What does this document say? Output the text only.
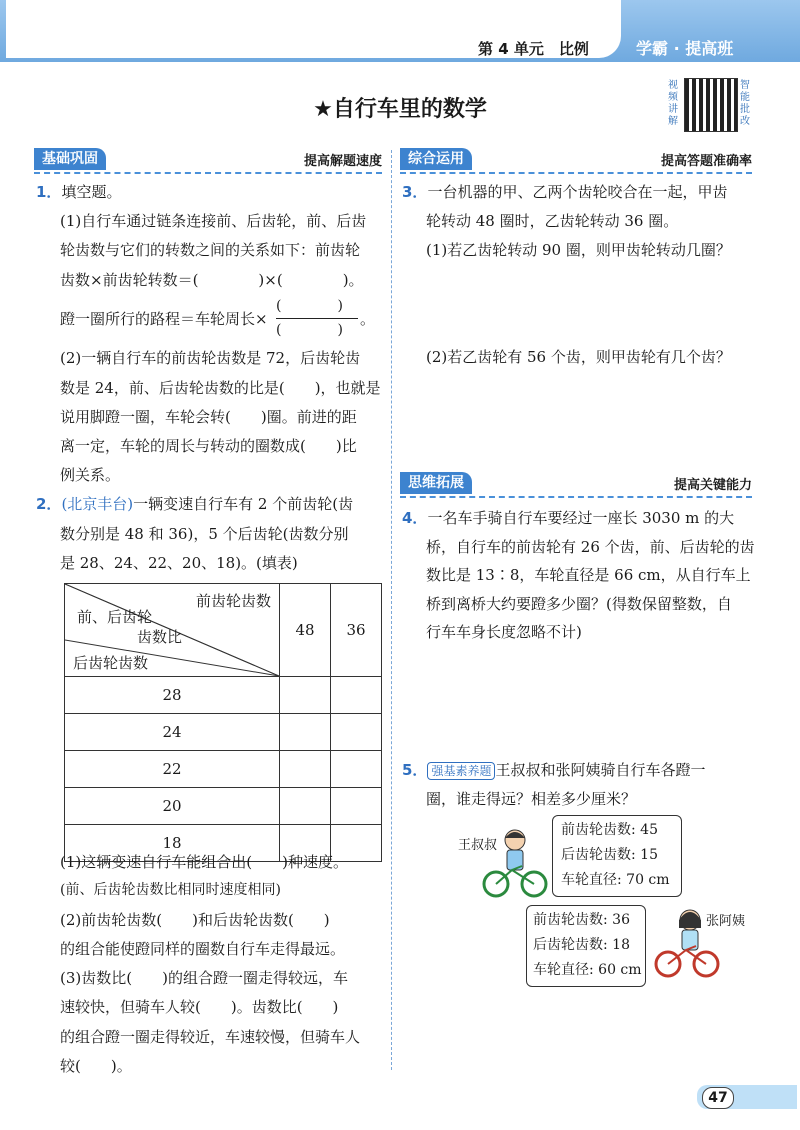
第 4 单元　比例	学霸 · 提高班
★自行车里的数学
视频讲解
智能批改
基础巩固	提高解题速度
1．填空题。
(1)自行车通过链条连接前、后齿轮，前、后齿
轮齿数与它们的转数之间的关系如下：前齿轮
齿数×前齿轮转数＝(　　　　)×(　　　　)。
蹬一圈所行的路程＝车轮周长×
(　　　　)
(　　　　)
。
(2)一辆自行车的前齿轮齿数是 72，后齿轮齿
数是 24，前、后齿轮齿数的比是(　　)，也就是
说用脚蹬一圈，车轮会转(　　)圈。前进的距
离一定，车轮的周长与转动的圈数成(　　)比
例关系。
2．(北京丰台)一辆变速自行车有 2 个前齿轮(齿
数分别是 48 和 36)，5 个后齿轮(齿数分别
是 28、24、22、20、18)。(填表)
前齿轮齿数
前、后齿轮
齿数比
后齿轮齿数	48	36
28		
24		
22		
20		
18		
(1)这辆变速自行车能组合出(　　)种速度。
(前、后齿轮齿数比相同时速度相同)
(2)前齿轮齿数(　　)和后齿轮齿数(　　)
的组合能使蹬同样的圈数自行车走得最远。
(3)齿数比(　　)的组合蹬一圈走得较远，车
速较快，但骑车人较(　　)。齿数比(　　)
的组合蹬一圈走得较近，车速较慢，但骑车人
较(　　)。
综合运用	提高答题准确率
3．一台机器的甲、乙两个齿轮咬合在一起，甲齿
轮转动 48 圈时，乙齿轮转动 36 圈。
(1)若乙齿轮转动 90 圈，则甲齿轮转动几圈？
(2)若乙齿轮有 56 个齿，则甲齿轮有几个齿？
思维拓展	提高关键能力
4．一名车手骑自行车要经过一座长 3030 m 的大
桥，自行车的前齿轮有 26 个齿，前、后齿轮的齿
数比是 13∶8，车轮直径是 66 cm，从自行车上
桥到离桥大约要蹬多少圈？(得数保留整数，自
行车车身长度忽略不计)
5． 强基素养题 王叔叔和张阿姨骑自行车各蹬一
圈，谁走得远？相差多少厘米？
王叔叔
前齿轮齿数: 45
后齿轮齿数: 15
车轮直径: 70 cm
前齿轮齿数: 36
后齿轮齿数: 18
车轮直径: 60 cm
张阿姨
47
